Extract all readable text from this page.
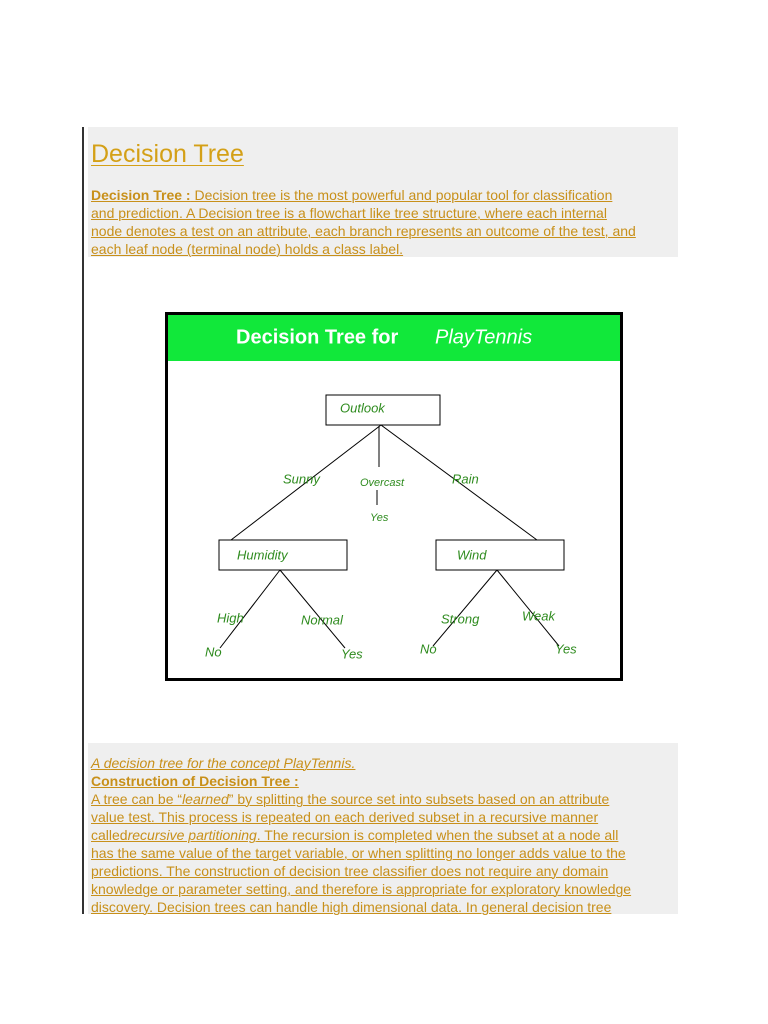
Decision Tree

Decision Tree : Decision tree is the most powerful and popular tool for classification
and prediction. A Decision tree is a flowchart like tree structure, where each internal
node denotes a test on an attribute, each branch represents an outcome of the test, and
each leaf node (terminal node) holds a class label.

Decision Tree for PlayTennis
Outlook
Humidity	Wind
Sunny	Overcast	Rain
Yes
High	Normal	Strong	Weak
No	Yes	No	Yes

A decision tree for the concept PlayTennis.
Construction of Decision Tree :
A tree can be “learned” by splitting the source set into subsets based on an attribute
value test. This process is repeated on each derived subset in a recursive manner
calledrecursive partitioning. The recursion is completed when the subset at a node all
has the same value of the target variable, or when splitting no longer adds value to the
predictions. The construction of decision tree classifier does not require any domain
knowledge or parameter setting, and therefore is appropriate for exploratory knowledge
discovery. Decision trees can handle high dimensional data. In general decision tree
